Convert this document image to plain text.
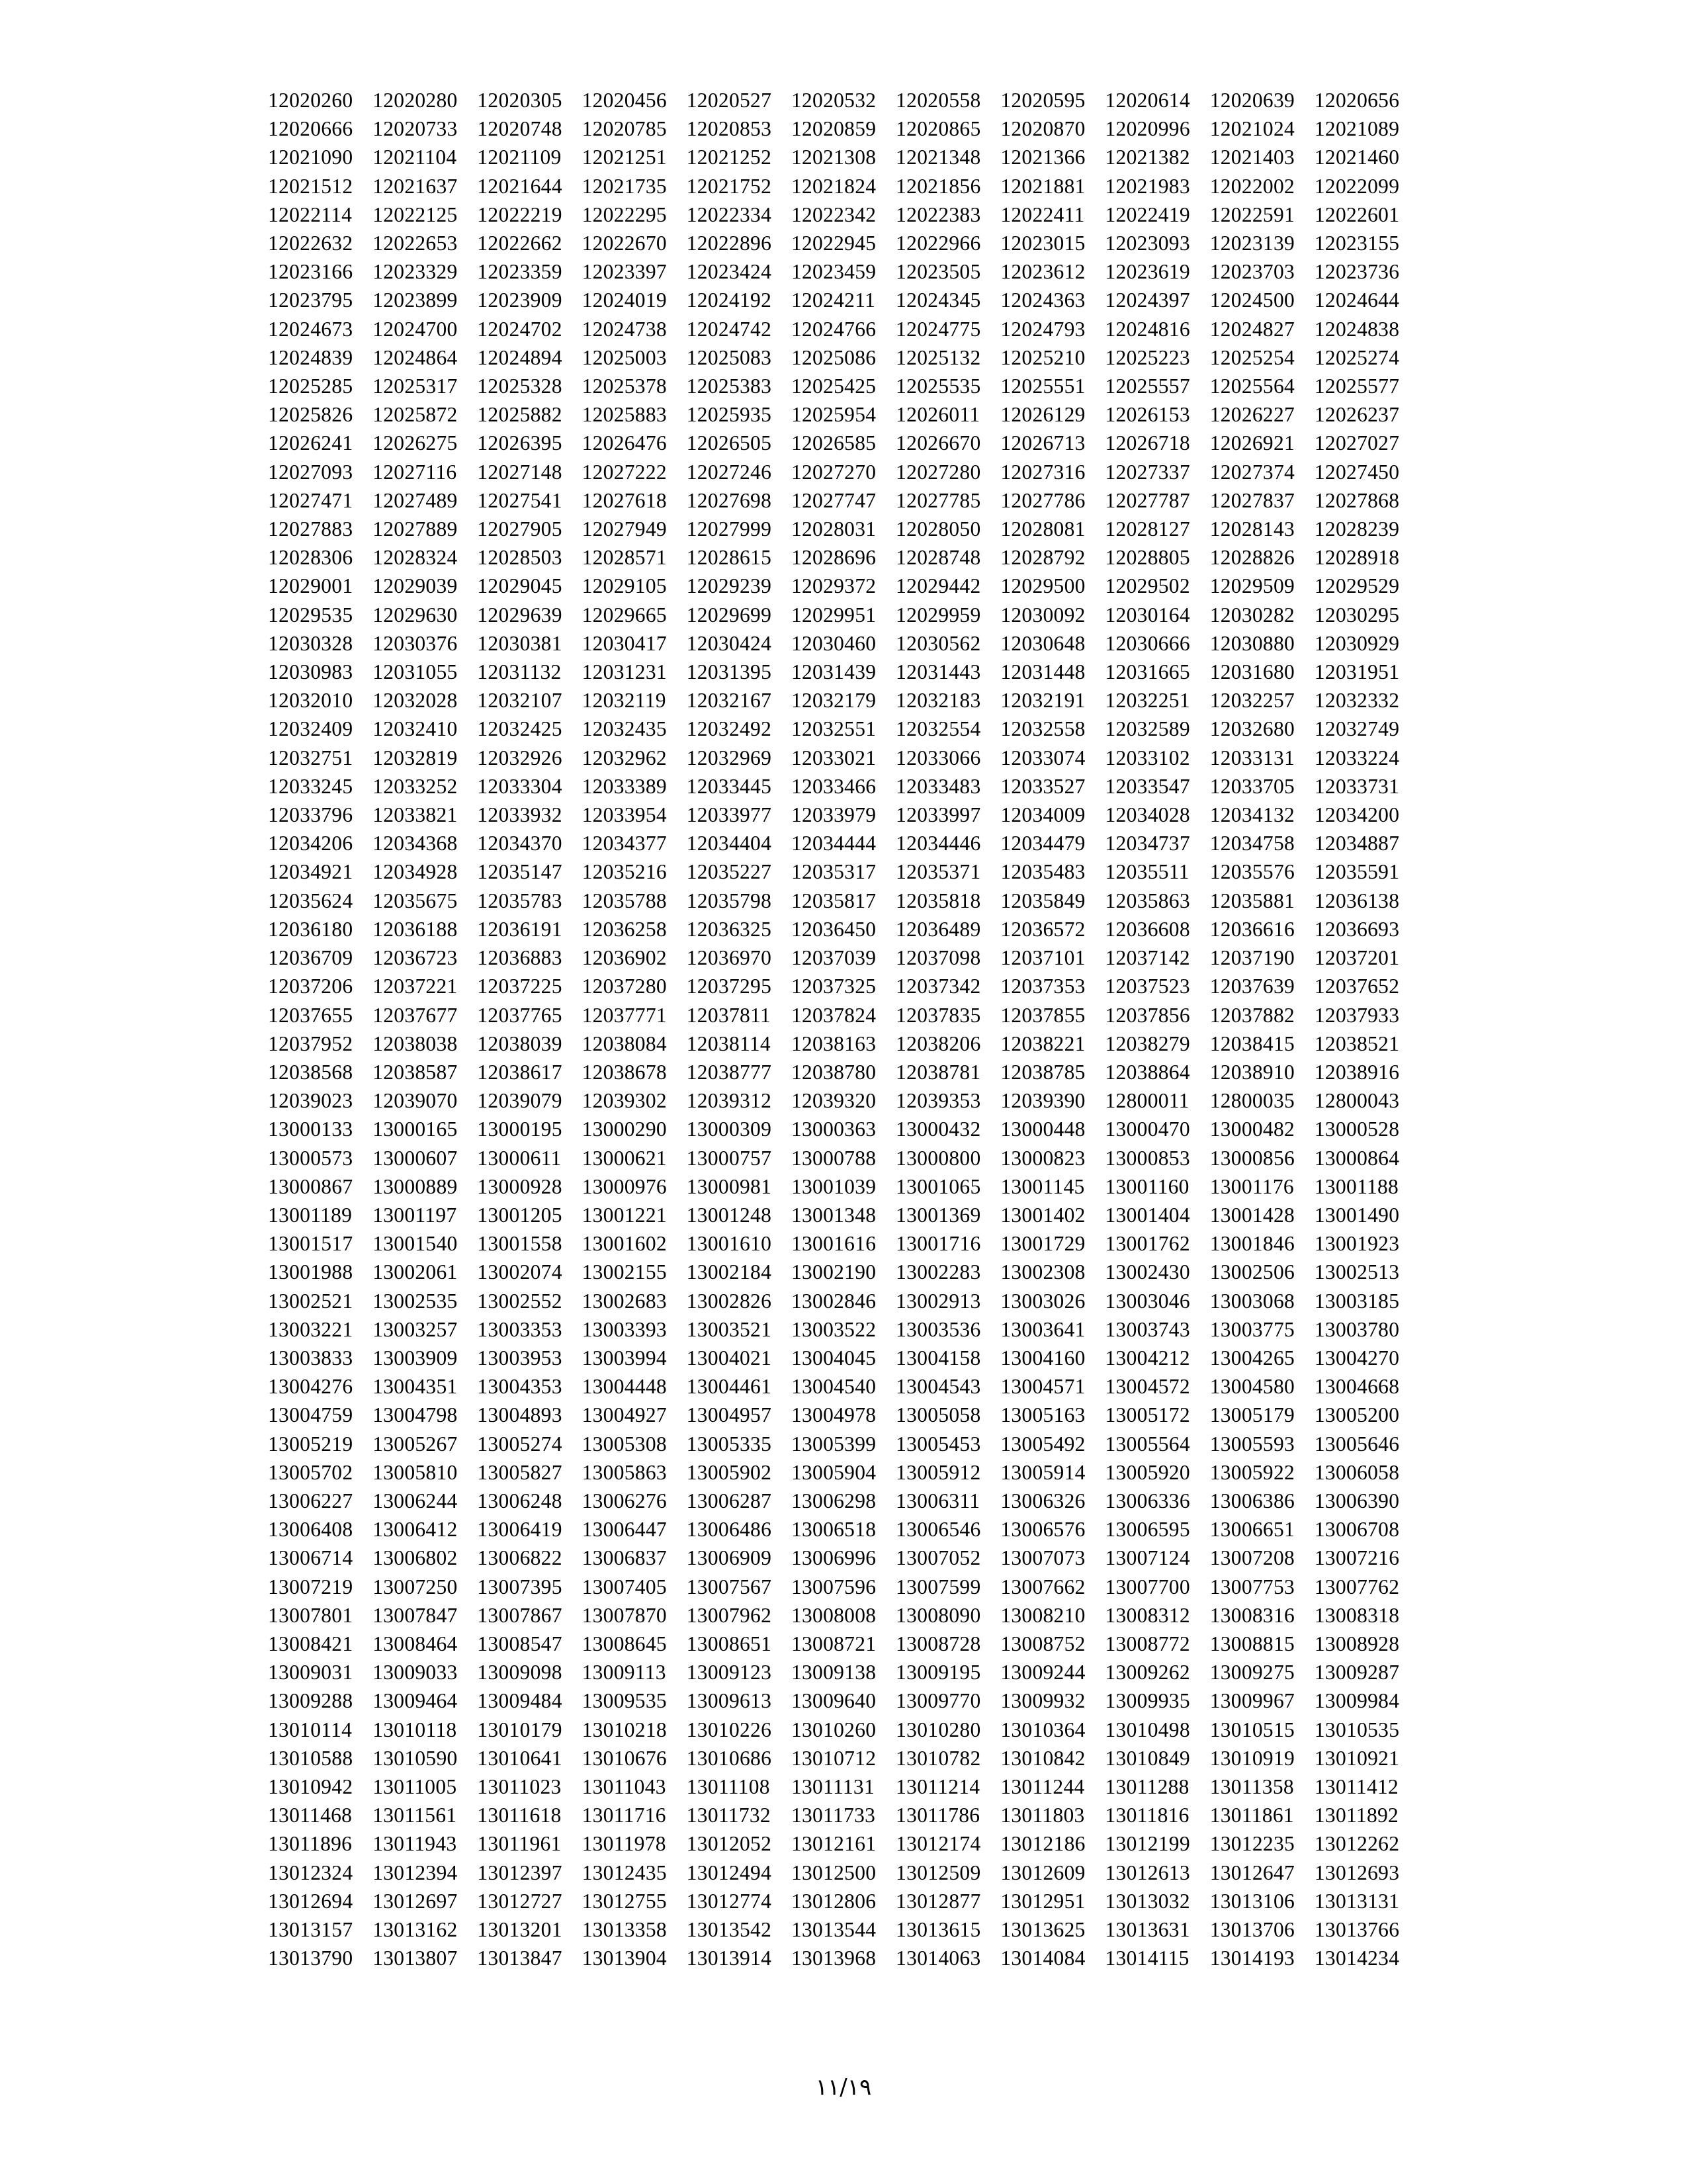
12020260 12020280 12020305 12020456 12020527 12020532 12020558 12020595 12020614 12020639 12020656
12020666 12020733 12020748 12020785 12020853 12020859 12020865 12020870 12020996 12021024 12021089
12021090 12021104 12021109 12021251 12021252 12021308 12021348 12021366 12021382 12021403 12021460
12021512 12021637 12021644 12021735 12021752 12021824 12021856 12021881 12021983 12022002 12022099
12022114 12022125 12022219 12022295 12022334 12022342 12022383 12022411 12022419 12022591 12022601
12022632 12022653 12022662 12022670 12022896 12022945 12022966 12023015 12023093 12023139 12023155
12023166 12023329 12023359 12023397 12023424 12023459 12023505 12023612 12023619 12023703 12023736
12023795 12023899 12023909 12024019 12024192 12024211 12024345 12024363 12024397 12024500 12024644
12024673 12024700 12024702 12024738 12024742 12024766 12024775 12024793 12024816 12024827 12024838
12024839 12024864 12024894 12025003 12025083 12025086 12025132 12025210 12025223 12025254 12025274
12025285 12025317 12025328 12025378 12025383 12025425 12025535 12025551 12025557 12025564 12025577
12025826 12025872 12025882 12025883 12025935 12025954 12026011 12026129 12026153 12026227 12026237
12026241 12026275 12026395 12026476 12026505 12026585 12026670 12026713 12026718 12026921 12027027
12027093 12027116 12027148 12027222 12027246 12027270 12027280 12027316 12027337 12027374 12027450
12027471 12027489 12027541 12027618 12027698 12027747 12027785 12027786 12027787 12027837 12027868
12027883 12027889 12027905 12027949 12027999 12028031 12028050 12028081 12028127 12028143 12028239
12028306 12028324 12028503 12028571 12028615 12028696 12028748 12028792 12028805 12028826 12028918
12029001 12029039 12029045 12029105 12029239 12029372 12029442 12029500 12029502 12029509 12029529
12029535 12029630 12029639 12029665 12029699 12029951 12029959 12030092 12030164 12030282 12030295
12030328 12030376 12030381 12030417 12030424 12030460 12030562 12030648 12030666 12030880 12030929
12030983 12031055 12031132 12031231 12031395 12031439 12031443 12031448 12031665 12031680 12031951
12032010 12032028 12032107 12032119 12032167 12032179 12032183 12032191 12032251 12032257 12032332
12032409 12032410 12032425 12032435 12032492 12032551 12032554 12032558 12032589 12032680 12032749
12032751 12032819 12032926 12032962 12032969 12033021 12033066 12033074 12033102 12033131 12033224
12033245 12033252 12033304 12033389 12033445 12033466 12033483 12033527 12033547 12033705 12033731
12033796 12033821 12033932 12033954 12033977 12033979 12033997 12034009 12034028 12034132 12034200
12034206 12034368 12034370 12034377 12034404 12034444 12034446 12034479 12034737 12034758 12034887
12034921 12034928 12035147 12035216 12035227 12035317 12035371 12035483 12035511 12035576 12035591
12035624 12035675 12035783 12035788 12035798 12035817 12035818 12035849 12035863 12035881 12036138
12036180 12036188 12036191 12036258 12036325 12036450 12036489 12036572 12036608 12036616 12036693
12036709 12036723 12036883 12036902 12036970 12037039 12037098 12037101 12037142 12037190 12037201
12037206 12037221 12037225 12037280 12037295 12037325 12037342 12037353 12037523 12037639 12037652
12037655 12037677 12037765 12037771 12037811 12037824 12037835 12037855 12037856 12037882 12037933
12037952 12038038 12038039 12038084 12038114 12038163 12038206 12038221 12038279 12038415 12038521
12038568 12038587 12038617 12038678 12038777 12038780 12038781 12038785 12038864 12038910 12038916
12039023 12039070 12039079 12039302 12039312 12039320 12039353 12039390 12800011 12800035 12800043
13000133 13000165 13000195 13000290 13000309 13000363 13000432 13000448 13000470 13000482 13000528
13000573 13000607 13000611 13000621 13000757 13000788 13000800 13000823 13000853 13000856 13000864
13000867 13000889 13000928 13000976 13000981 13001039 13001065 13001145 13001160 13001176 13001188
13001189 13001197 13001205 13001221 13001248 13001348 13001369 13001402 13001404 13001428 13001490
13001517 13001540 13001558 13001602 13001610 13001616 13001716 13001729 13001762 13001846 13001923
13001988 13002061 13002074 13002155 13002184 13002190 13002283 13002308 13002430 13002506 13002513
13002521 13002535 13002552 13002683 13002826 13002846 13002913 13003026 13003046 13003068 13003185
13003221 13003257 13003353 13003393 13003521 13003522 13003536 13003641 13003743 13003775 13003780
13003833 13003909 13003953 13003994 13004021 13004045 13004158 13004160 13004212 13004265 13004270
13004276 13004351 13004353 13004448 13004461 13004540 13004543 13004571 13004572 13004580 13004668
13004759 13004798 13004893 13004927 13004957 13004978 13005058 13005163 13005172 13005179 13005200
13005219 13005267 13005274 13005308 13005335 13005399 13005453 13005492 13005564 13005593 13005646
13005702 13005810 13005827 13005863 13005902 13005904 13005912 13005914 13005920 13005922 13006058
13006227 13006244 13006248 13006276 13006287 13006298 13006311 13006326 13006336 13006386 13006390
13006408 13006412 13006419 13006447 13006486 13006518 13006546 13006576 13006595 13006651 13006708
13006714 13006802 13006822 13006837 13006909 13006996 13007052 13007073 13007124 13007208 13007216
13007219 13007250 13007395 13007405 13007567 13007596 13007599 13007662 13007700 13007753 13007762
13007801 13007847 13007867 13007870 13007962 13008008 13008090 13008210 13008312 13008316 13008318
13008421 13008464 13008547 13008645 13008651 13008721 13008728 13008752 13008772 13008815 13008928
13009031 13009033 13009098 13009113 13009123 13009138 13009195 13009244 13009262 13009275 13009287
13009288 13009464 13009484 13009535 13009613 13009640 13009770 13009932 13009935 13009967 13009984
13010114 13010118 13010179 13010218 13010226 13010260 13010280 13010364 13010498 13010515 13010535
13010588 13010590 13010641 13010676 13010686 13010712 13010782 13010842 13010849 13010919 13010921
13010942 13011005 13011023 13011043 13011108	13011131	13011214 13011244 13011288 13011358 13011412
13011468 13011561 13011618 13011716 13011732 13011733 13011786 13011803 13011816 13011861 13011892
13011896 13011943 13011961 13011978 13012052 13012161 13012174 13012186 13012199 13012235 13012262
13012324 13012394 13012397 13012435 13012494 13012500 13012509 13012609 13012613 13012647 13012693
13012694 13012697 13012727 13012755 13012774 13012806 13012877 13012951 13013032 13013106 13013131
13013157 13013162 13013201 13013358 13013542 13013544 13013615 13013625 13013631 13013706 13013766
13013790 13013807 13013847 13013904 13013914 13013968 13014063 13014084 13014115 13014193 13014234
١١/١٩
